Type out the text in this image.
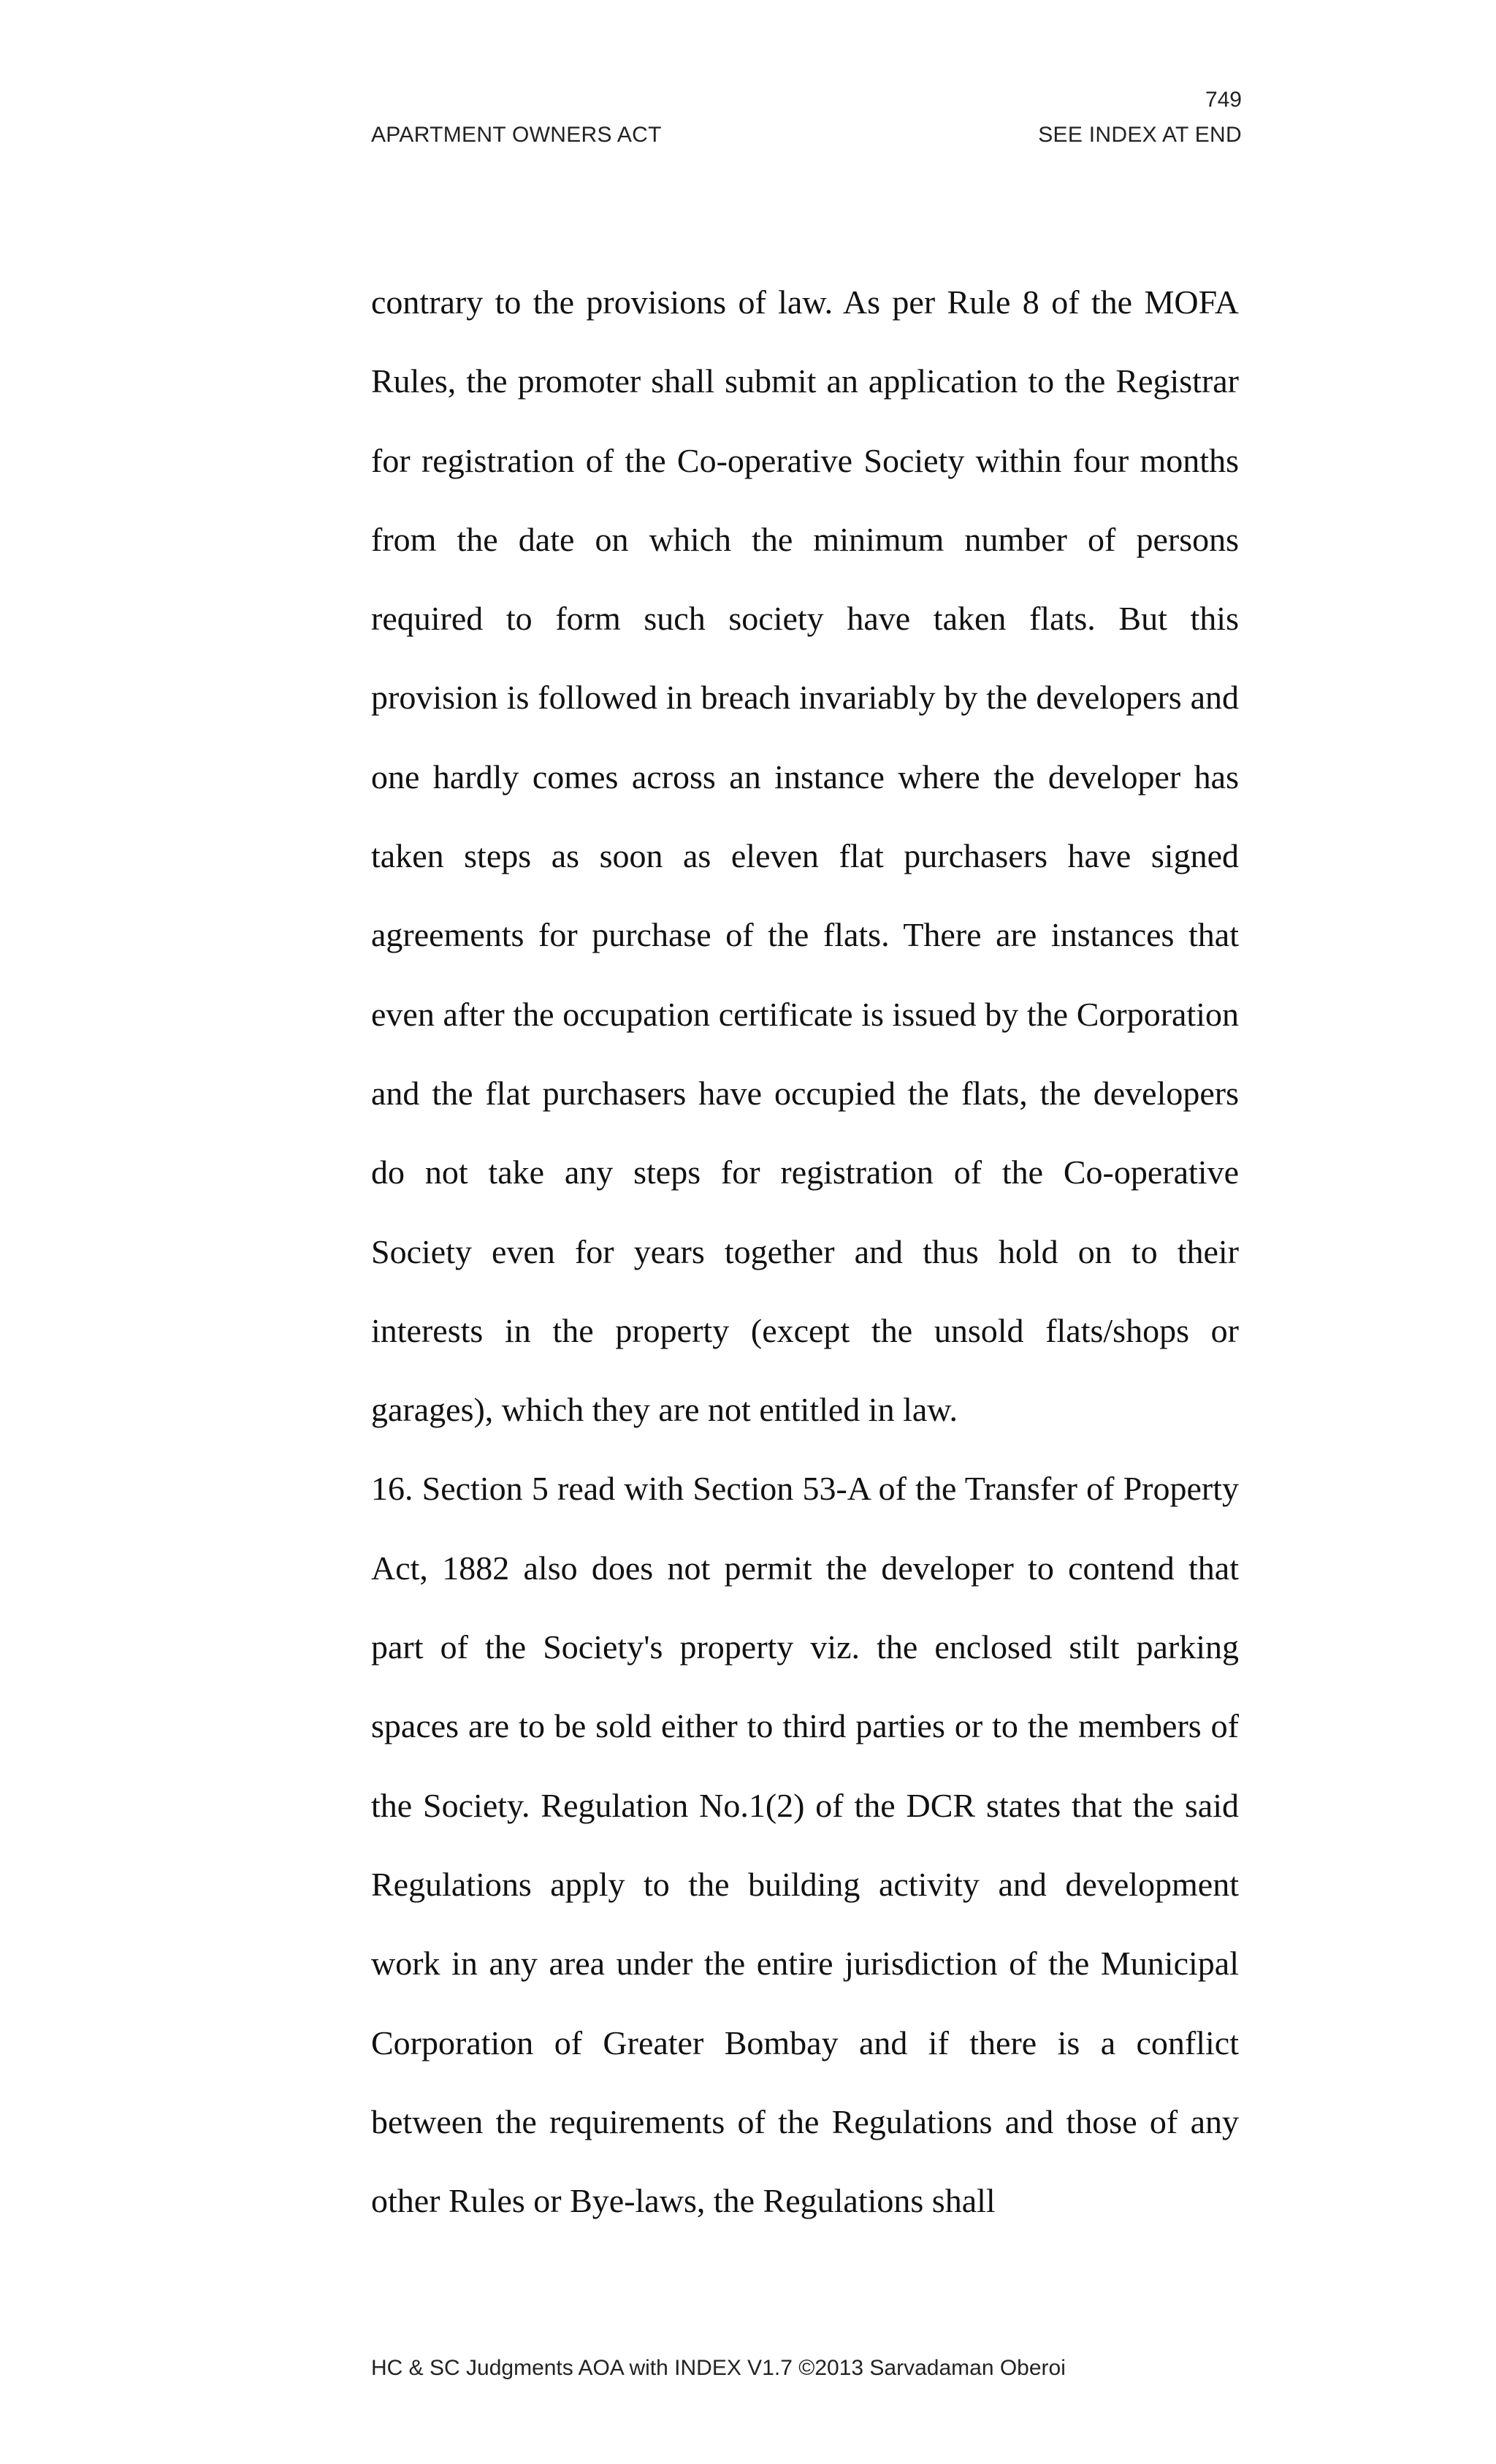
749
APARTMENT OWNERS ACT	SEE INDEX AT END

contrary to the provisions of law. As per Rule 8 of the MOFA Rules, the promoter shall submit an application to the Registrar for registration of the Co-operative Society within four months from the date on which the minimum number of persons required to form such society have taken flats. But this provision is followed in breach invariably by the developers and one hardly comes across an instance where the developer has taken steps as soon as eleven flat purchasers have signed agreements for purchase of the flats. There are instances that even after the occupation certificate is issued by the Corporation and the flat purchasers have occupied the flats, the developers do not take any steps for registration of the Co-operative Society even for years together and thus hold on to their interests in the property (except the unsold flats/shops or garages), which they are not entitled in law.

16. Section 5 read with Section 53-A of the Transfer of Property Act, 1882 also does not permit the developer to contend that part of the Society's property viz. the enclosed stilt parking spaces are to be sold either to third parties or to the members of the Society. Regulation No.1(2) of the DCR states that the said Regulations apply to the building activity and development work in any area under the entire jurisdiction of the Municipal Corporation of Greater Bombay and if there is a conflict between the requirements of the Regulations and those of any other Rules or Bye-laws, the Regulations shall

HC & SC Judgments AOA with INDEX V1.7 ©2013 Sarvadaman Oberoi
